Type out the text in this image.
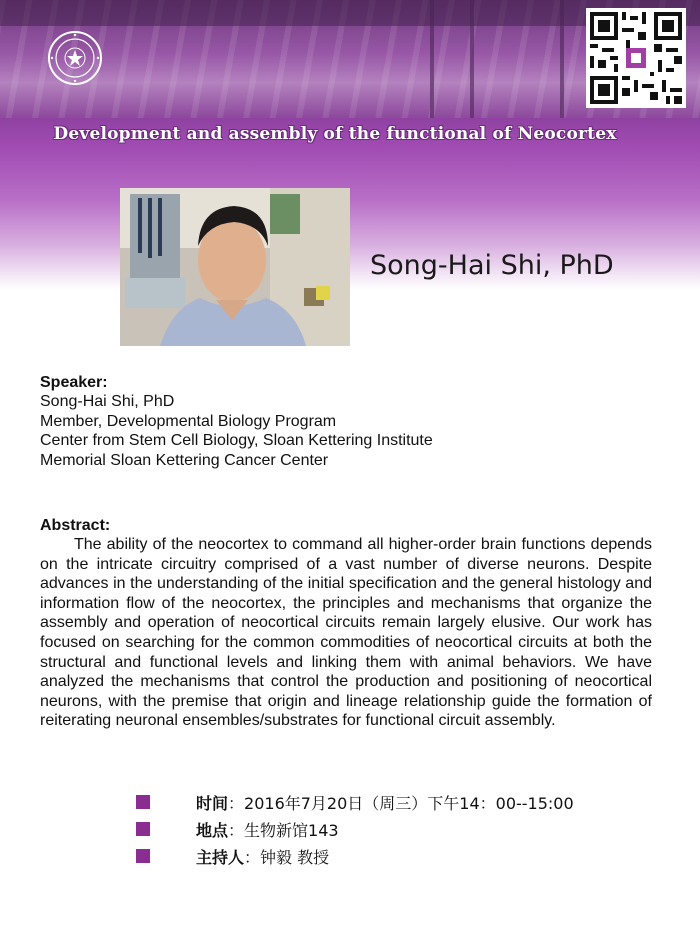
Development and assembly of the functional of Neocortex
Song-Hai Shi, PhD
Speaker:
Song-Hai Shi, PhD
Member, Developmental Biology Program
Center from Stem Cell Biology, Sloan Kettering Institute
Memorial Sloan Kettering Cancer Center
Abstract:

The ability of the neocortex to command all higher-order brain functions depends on the intricate circuitry comprised of a vast number of diverse neurons. Despite advances in the understanding of the initial specification and the general histology and information flow of the neocortex, the principles and mechanisms that organize the assembly and operation of neocortical circuits remain largely elusive. Our work has focused on searching for the common commodities of neocortical circuits at both the structural and functional levels and linking them with animal behaviors. We have analyzed the mechanisms that control the production and positioning of neocortical neurons, with the premise that origin and lineage relationship guide the formation of reiterating neuronal ensembles/substrates for functional circuit assembly.

时间 ： 2016年7月20日（周三）下午14：00--15:00
地点 ： 生物新馆143
主持人 ： 钟毅 教授
